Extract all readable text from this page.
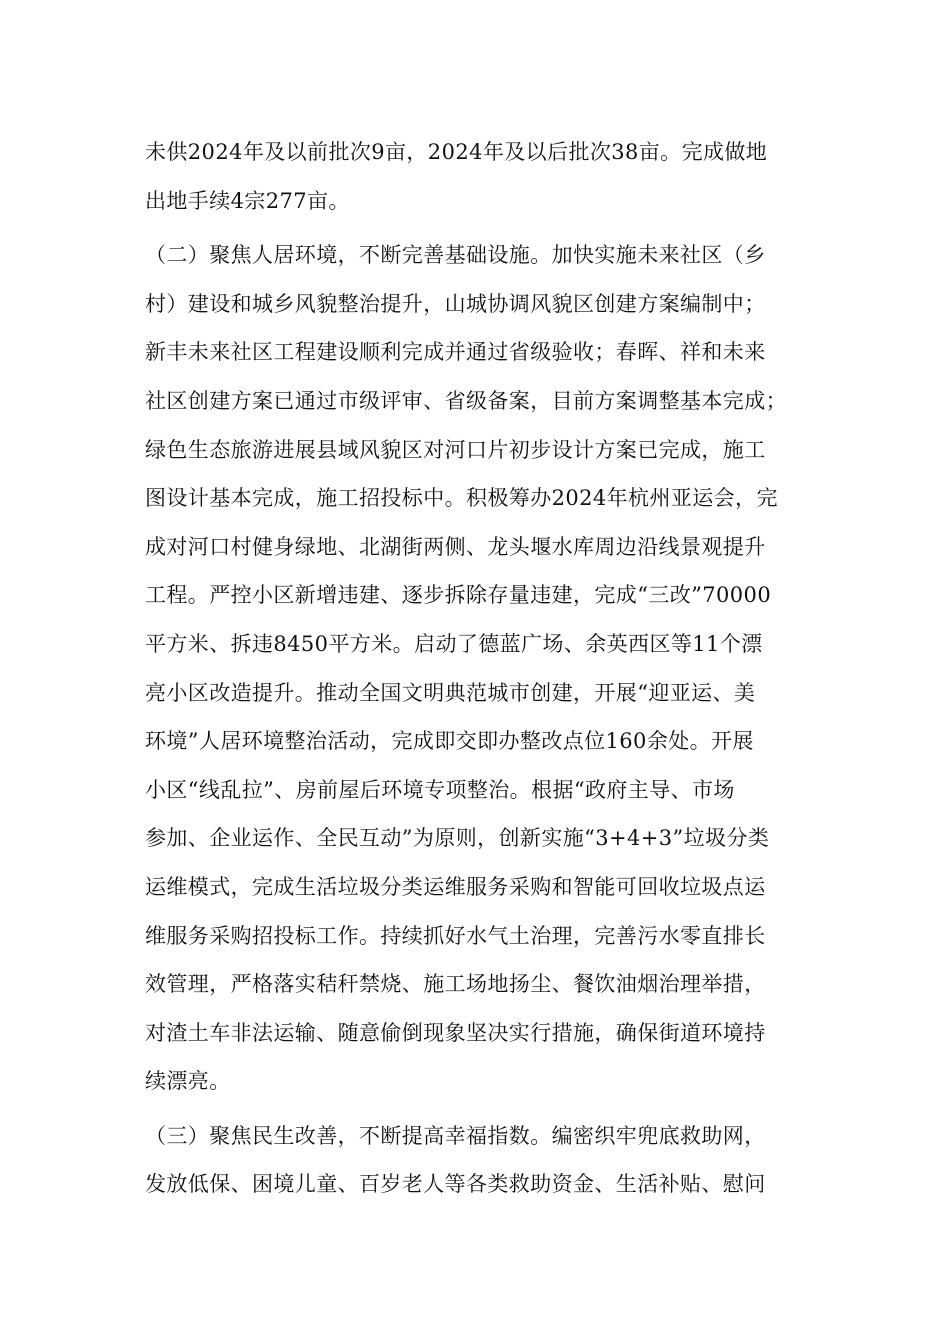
未供2024年及以前批次9亩，2024年及以后批次38亩。完成做地
出地手续4宗277亩。
（二）聚焦人居环境，不断完善基础设施。加快实施未来社区（乡
村）建设和城乡风貌整治提升，山城协调风貌区创建方案编制中；
新丰未来社区工程建设顺利完成并通过省级验收；春晖、祥和未来
社区创建方案已通过市级评审、省级备案，目前方案调整基本完成；
绿色生态旅游进展县域风貌区对河口片初步设计方案已完成，施工
图设计基本完成，施工招投标中。积极筹办2024年杭州亚运会，完
成对河口村健身绿地、北湖街两侧、龙头堰水库周边沿线景观提升
工程。严控小区新增违建、逐步拆除存量违建，完成“三改”70000
平方米、拆违8450平方米。启动了德蓝广场、余英西区等11个漂
亮小区改造提升。推动全国文明典范城市创建，开展“迎亚运、美
环境”人居环境整治活动，完成即交即办整改点位160余处。开展
小区“线乱拉”、房前屋后环境专项整治。根据“政府主导、市场
参加、企业运作、全民互动”为原则，创新实施“3+4+3”垃圾分类
运维模式，完成生活垃圾分类运维服务采购和智能可回收垃圾点运
维服务采购招投标工作。持续抓好水气土治理，完善污水零直排长
效管理，严格落实秸秆禁烧、施工场地扬尘、餐饮油烟治理举措，
对渣土车非法运输、随意偷倒现象坚决实行措施，确保街道环境持
续漂亮。
（三）聚焦民生改善，不断提高幸福指数。编密织牢兜底救助网，
发放低保、困境儿童、百岁老人等各类救助资金、生活补贴、慰问
